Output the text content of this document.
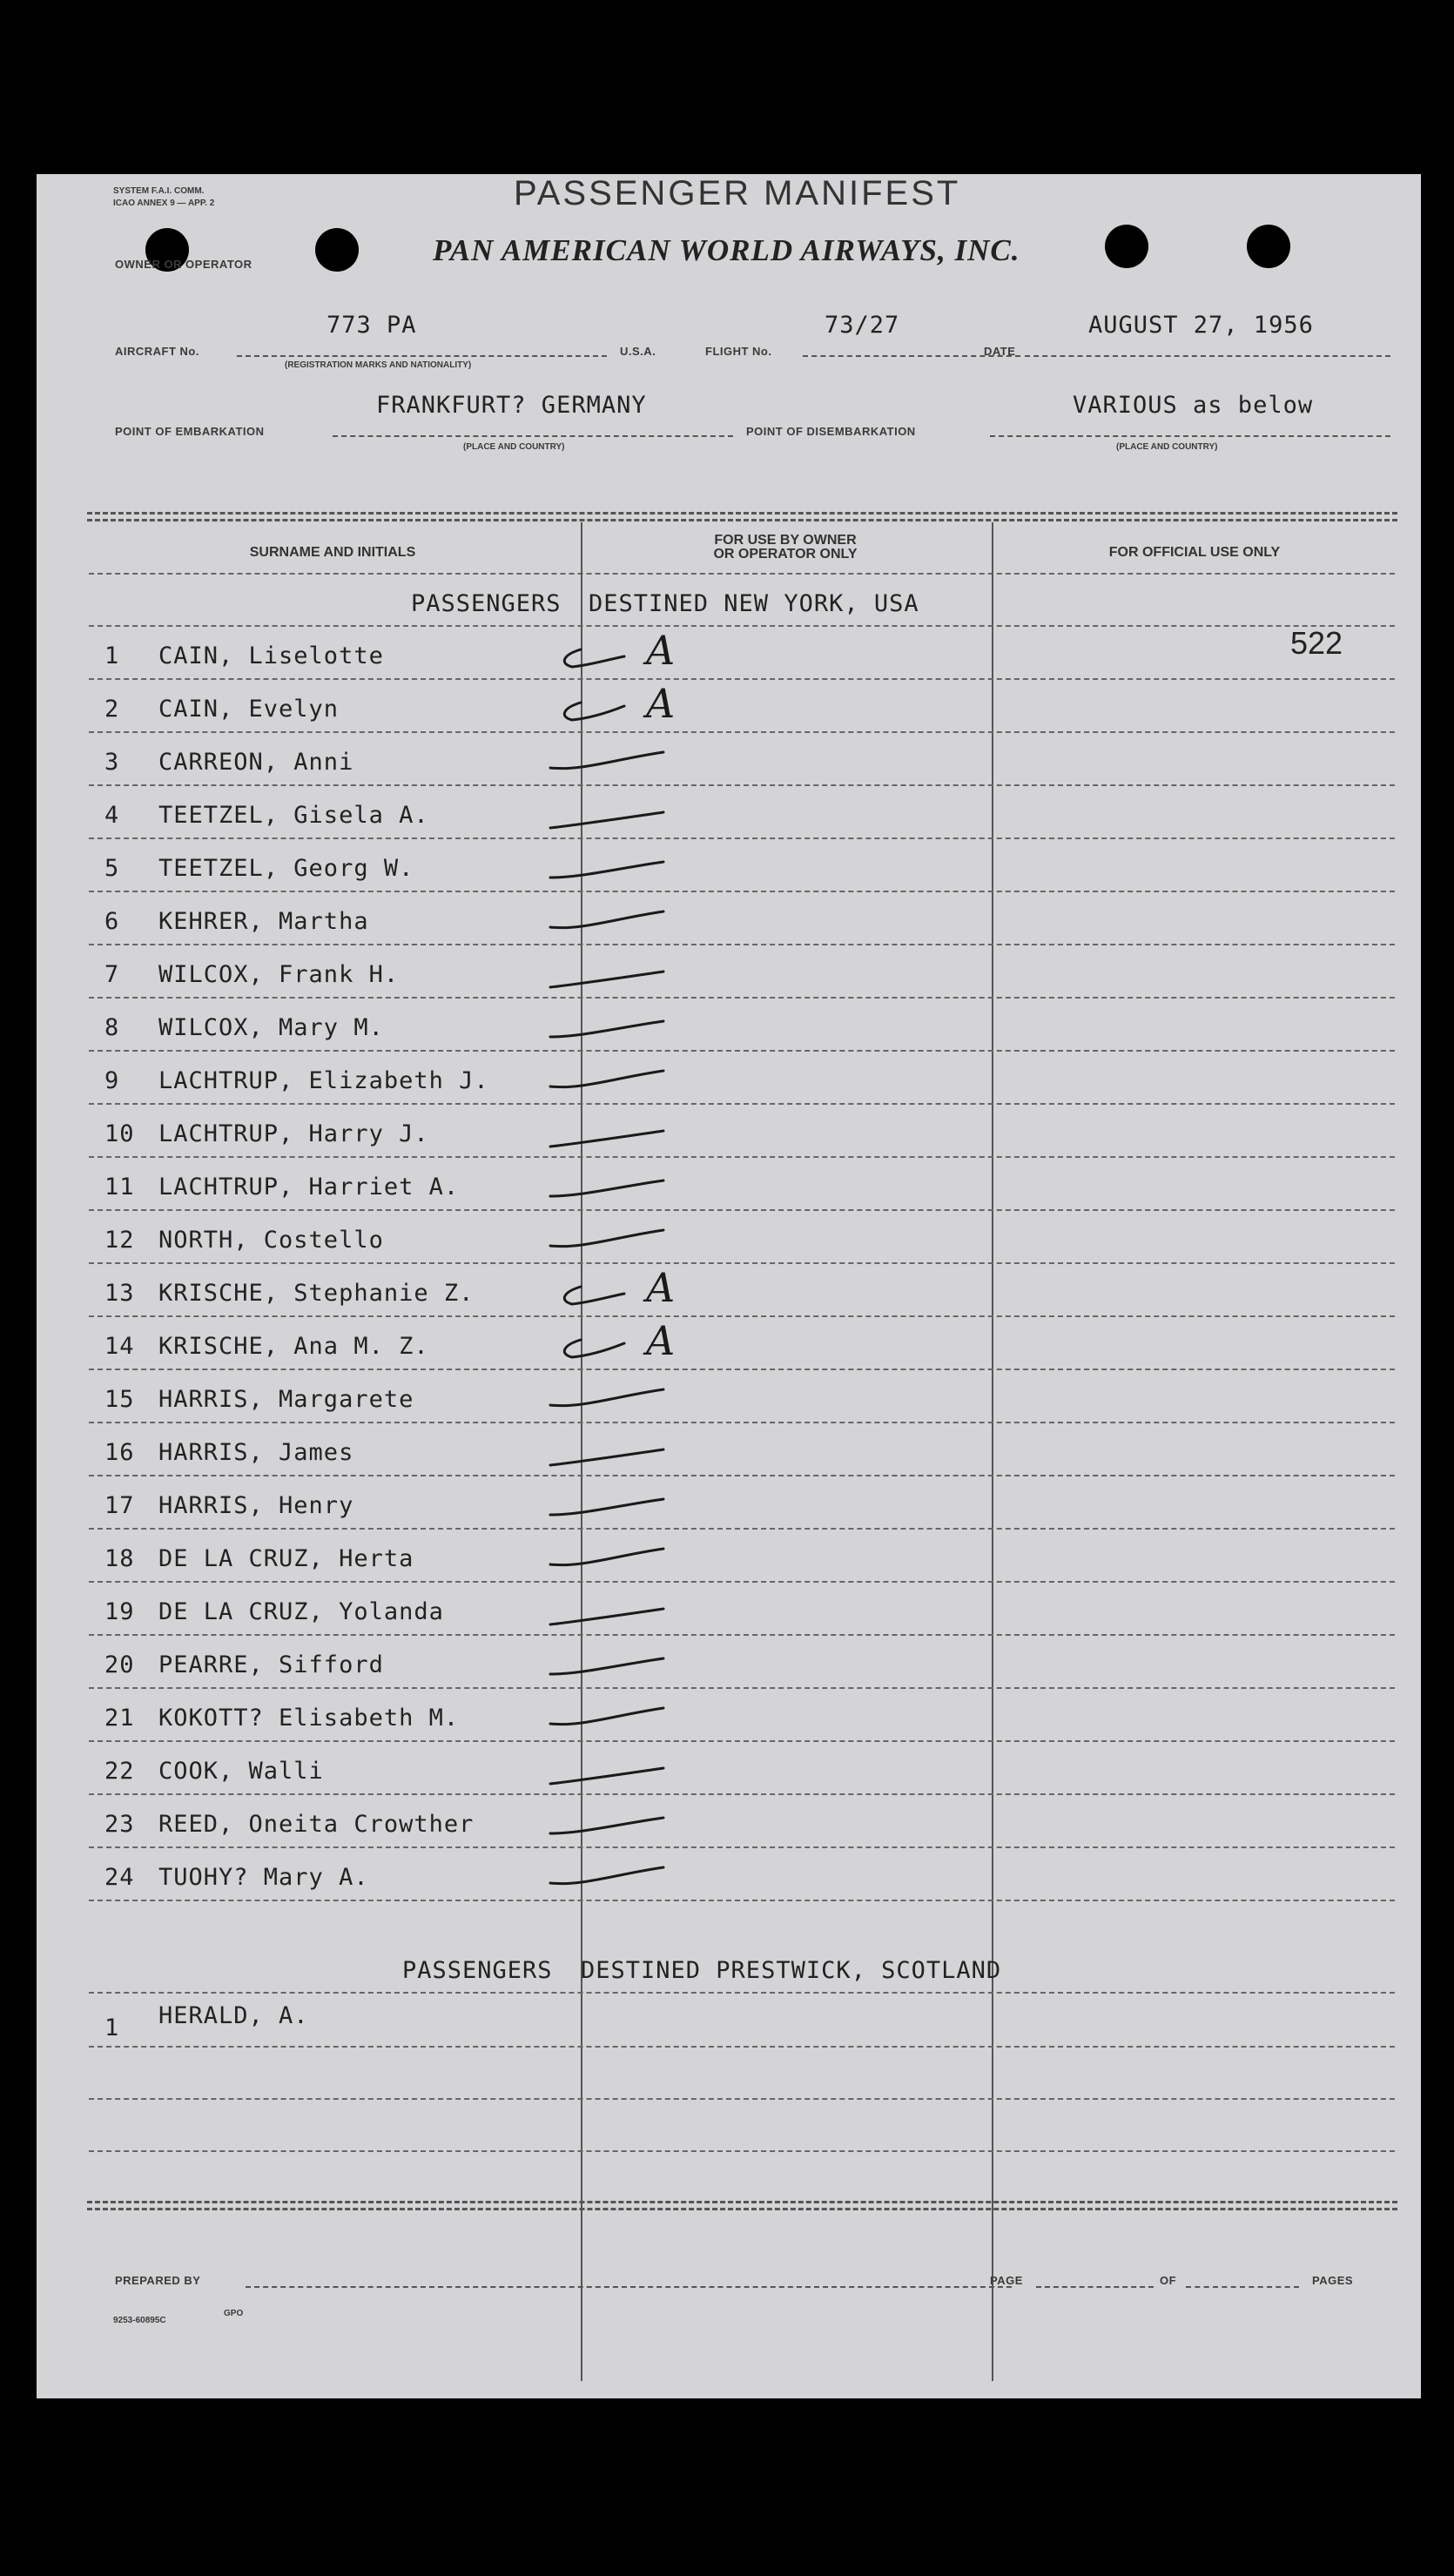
SYSTEM F.A.I. COMM.
ICAO ANNEX 9 — APP. 2	PASSENGER MANIFEST
OWNER OR OPERATOR	PAN AMERICAN WORLD AIRWAYS, INC.
AIRCRAFT No.
773 PA
(REGISTRATION MARKS AND NATIONALITY)
U.S.A.	FLIGHT No.
73/27
DATE
AUGUST 27, 1956
POINT OF EMBARKATION
FRANKFURT? GERMANY
(PLACE AND COUNTRY)
POINT OF DISEMBARKATION
VARIOUS as below
(PLACE AND COUNTRY)
SURNAME AND INITIALS
FOR USE BY OWNER
OR OPERATOR ONLY	FOR OFFICIAL USE ONLY
PASSENGERS DESTINED NEW YORK, USA
522
1	CAIN, Liselotte	A
2	CAIN, Evelyn	A
3	CARREON, Anni
4	TEETZEL, Gisela A.
5	TEETZEL, Georg W.
6	KEHRER, Martha
7	WILCOX, Frank H.
8	WILCOX, Mary M.
9	LACHTRUP, Elizabeth J.
10 LACHTRUP, Harry J.
11 LACHTRUP, Harriet A.
12 NORTH, Costello
13 KRISCHE, Stephanie Z.	A
14 KRISCHE, Ana M. Z.	A
15 HARRIS, Margarete
16 HARRIS, James
17 HARRIS, Henry
18 DE LA CRUZ, Herta
19 DE LA CRUZ, Yolanda
20 PEARRE, Sifford
21 KOKOTT? Elisabeth M.
22 COOK, Walli
23 REED, Oneita Crowther
24 TUOHY? Mary A.
PASSENGERS DESTINED PRESTWICK, SCOTLAND
1	HERALD, A.
PREPARED BY	PAGE	OF	PAGES
9253-60895C
GPO
